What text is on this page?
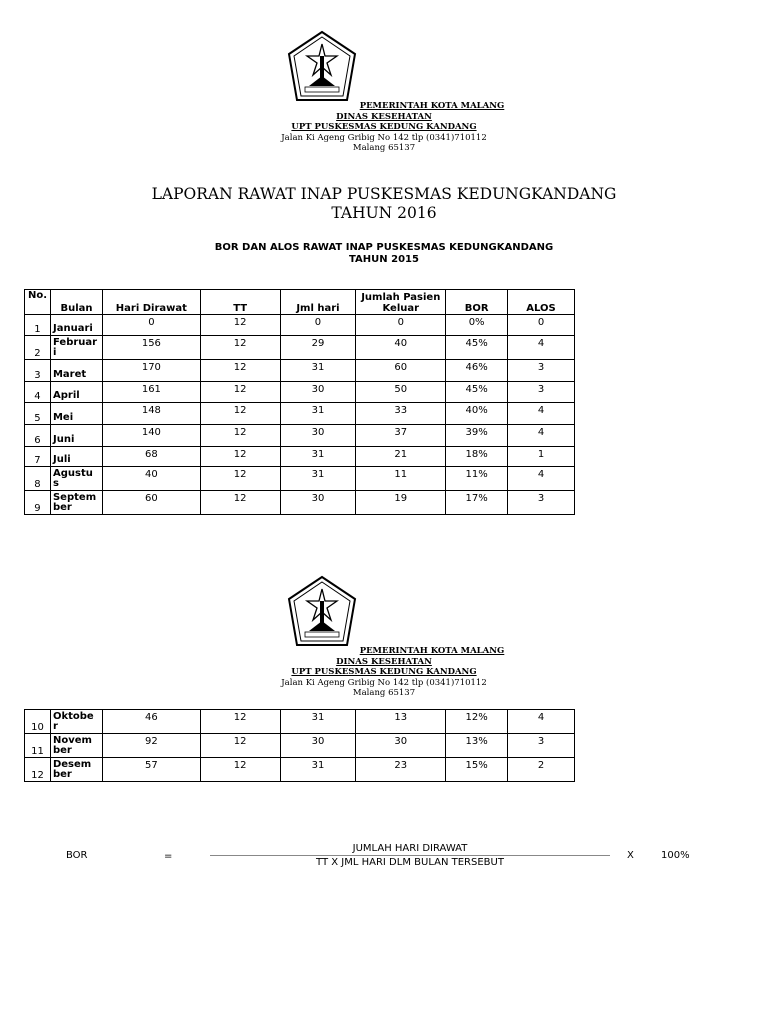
PEMERINTAH KOTA MALANG
DINAS KESEHATAN
UPT PUSKESMAS KEDUNG KANDANG
Jalan Ki Ageng Gribig No 142 tlp (0341)710112
Malang 65137
LAPORAN RAWAT INAP PUSKESMAS KEDUNGKANDANG
TAHUN 2016
BOR DAN ALOS RAWAT INAP PUSKESMAS KEDUNGKANDANG
TAHUN 2015
No.	Bulan	Hari Dirawat	TT	Jml hari	Jumlah Pasien Keluar	BOR	ALOS
1	Januari	0	12	0	0	0%	0
2	Februar i	156	12	29	40	45%	4
3	Maret	170	12	31	60	46%	3
4	April	161	12	30	50	45%	3
5	Mei	148	12	31	33	40%	4
6	Juni	140	12	30	37	39%	4
7	Juli	68	12	31	21	18%	1
8	Agustu s	40	12	31	11	11%	4
9	Septem ber	60	12	30	19	17%	3
PEMERINTAH KOTA MALANG
DINAS KESEHATAN
UPT PUSKESMAS KEDUNG KANDANG
Jalan Ki Ageng Gribig No 142 tlp (0341)710112
Malang 65137
10	Oktobe r	46	12	31	13	12%	4
11	Novem ber	92	12	30	30	13%	3
12	Desem ber	57	12	31	23	15%	2
BOR	=
JUMLAH HARI DIRAWAT
TT X JML HARI DLM BULAN TERSEBUT
X	100%
